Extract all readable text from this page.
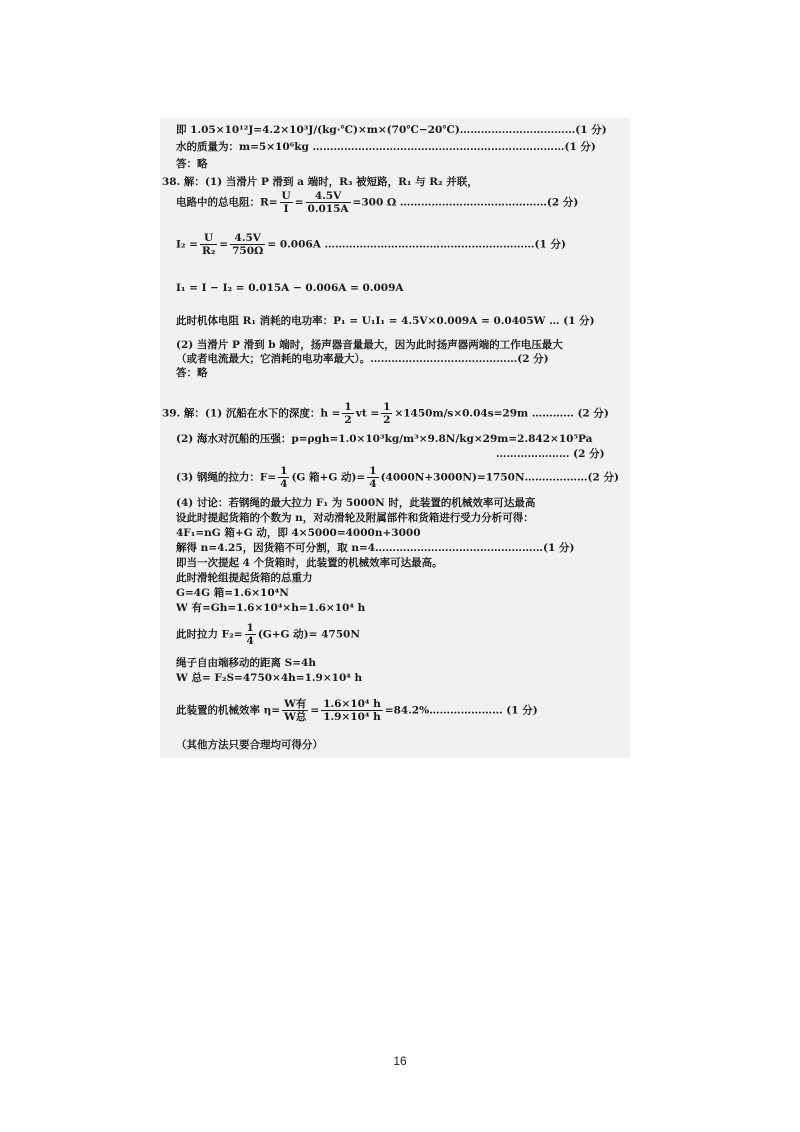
即 1.05×10¹²J=4.2×10³J/(kg·℃)×m×(70℃−20℃)……………………………(1 分)
水的质量为：m=5×10⁶kg ………………………………………………………………(1 分)
答：略
38. 解：(1) 当滑片 P 滑到 a 端时，R₃ 被短路，R₁ 与 R₂ 并联，
电路中的总电阻：$R= \frac{U}{I} = \frac{4.5V}{0.015A} =300$ Ω ……………………………………(2 分)
$I_2 = \frac{U}{\text{R₂}} = \frac{4.5V}{750\Omega} = 0.006A$ ……………………………………………………(1 分)
I₁ = I − I₂ = 0.015A − 0.006A = 0.009A
此时机体电阻 R₁ 消耗的电功率：P₁ = U₁I₁ = 4.5V×0.009A = 0.0405W … (1 分)
(2) 当滑片 P 滑到 b 端时，扬声器音量最大，因为此时扬声器两端的工作电压最大
（或者电流最大；它消耗的电功率最大）。……………………………………(2 分)
答：略
39. 解：(1) 沉船在水下的深度：$h = \frac{1}{2}$ vt = $\frac{1}{2} \times 1450m/s\times 0.04s=29m$ ………… (2 分)
(2) 海水对沉船的压强：p=ρgh=1.0×10³kg/m³×9.8N/kg×29m=2.842×10⁵Pa
………………… (2 分)
(3) 钢绳的拉力：$F= \frac{1}{4} (G$ 箱+G 动)= $\frac{1}{4}$ (4000N+3000N)=1750N………………(2 分)
(4) 讨论：若钢绳的最大拉力 F₁ 为 5000N 时，此装置的机械效率可达最高
设此时提起货箱的个数为 n，对动滑轮及附属部件和货箱进行受力分析可得：
4F₁=nG 箱+G 动，即 4×5000=4000n+3000
解得 n=4.25，因货箱不可分割，取 n=4…………………………………………(1 分)
即当一次提起 4 个货箱时，此装置的机械效率可达最高。
此时滑轮组提起货箱的总重力
G=4G 箱=1.6×10⁴N
W 有=Gh=1.6×10⁴×h=1.6×10⁴ h
此时拉力 $F_2= \frac{1}{4} (G+G$ 动)= 4750N
绳子自由端移动的距离 S=4h
W 总= F₂S=4750×4h=1.9×10⁴ h
此装置的机械效率 $\eta= \frac{\text{W有}}{\text{W总}} = \frac{\text{1.6×10⁴ h}}{\text{1.9×10⁴ h}}$ =84.2%………………… (1 分)
（其他方法只要合理均可得分）
16
